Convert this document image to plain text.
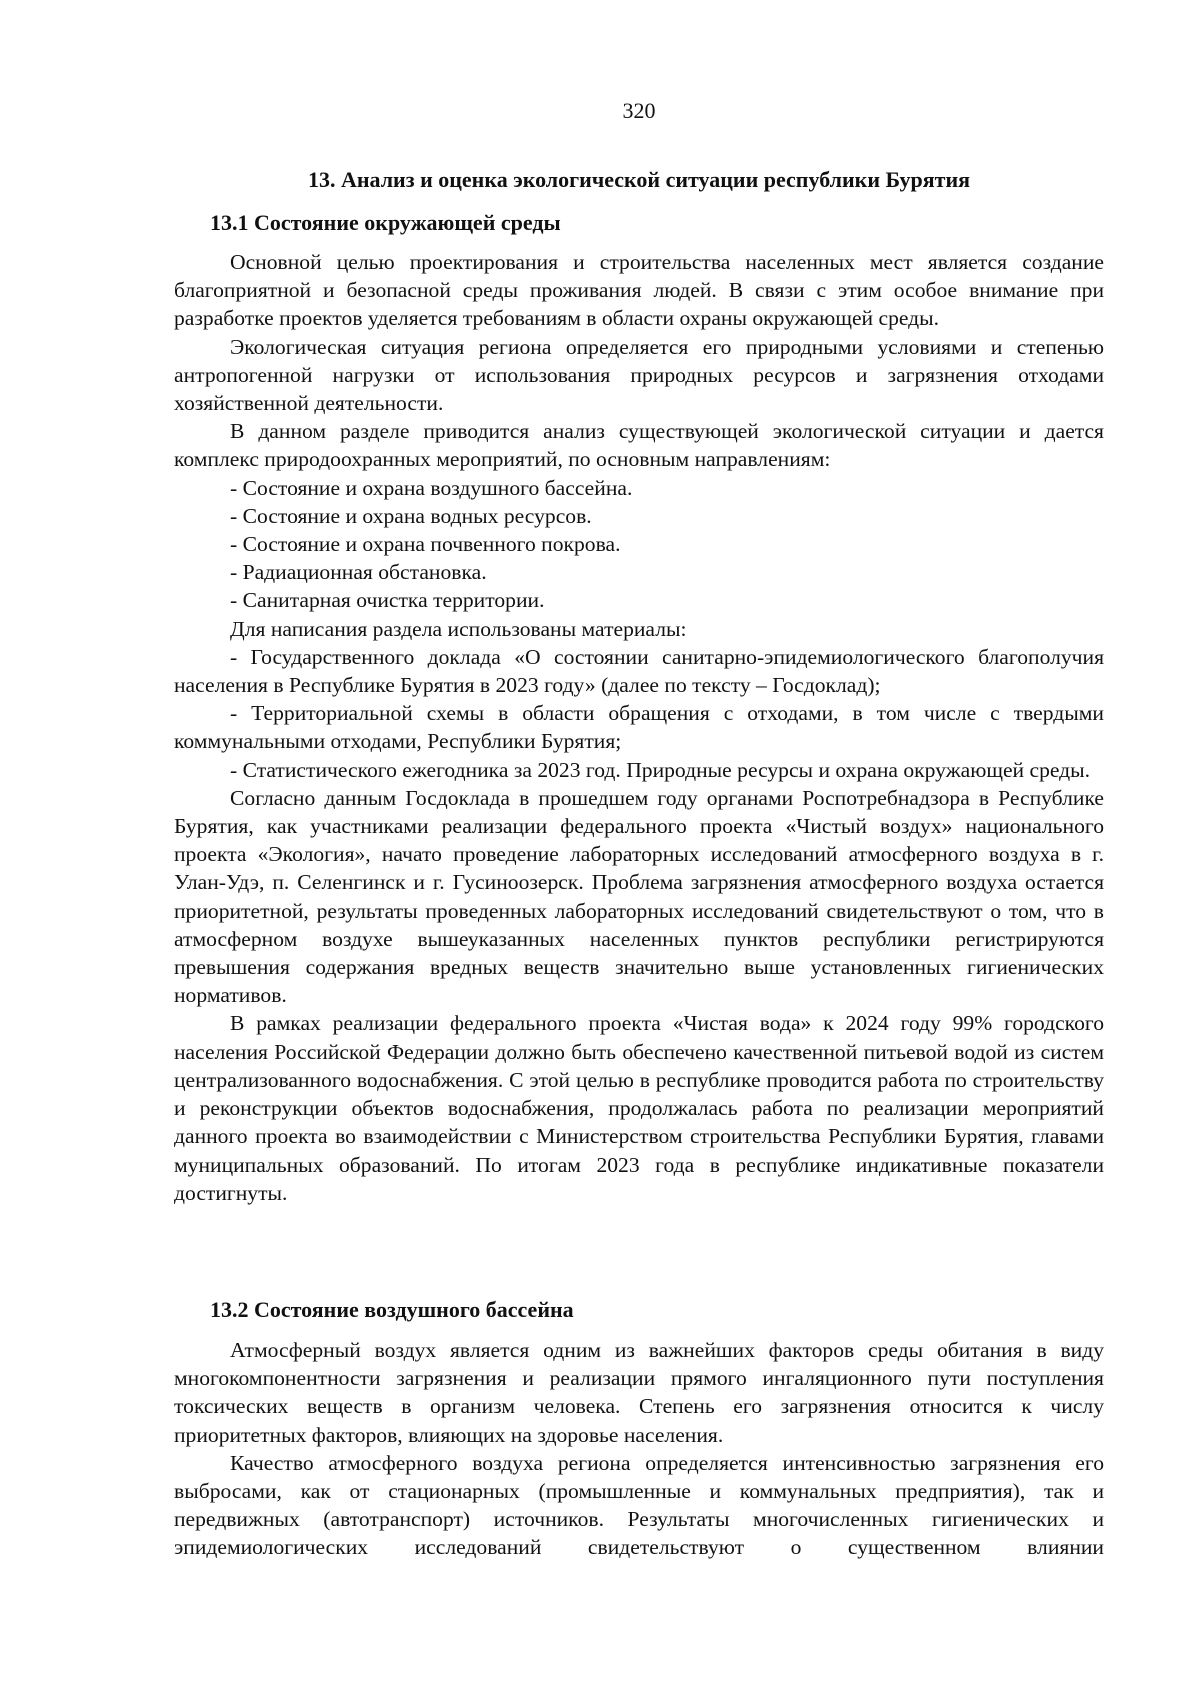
320
13. Анализ и оценка экологической ситуации республики Бурятия
13.1 Состояние окружающей среды

Основной целью проектирования и строительства населенных мест является создание благоприятной и безопасной среды проживания людей. В связи с этим особое внимание при разработке проектов уделяется требованиям в области охраны окружающей среды.

Экологическая ситуация региона определяется его природными условиями и степенью антропогенной нагрузки от использования природных ресурсов и загрязнения отходами хозяйственной деятельности.

В данном разделе приводится анализ существующей экологической ситуации и дается комплекс природоохранных мероприятий, по основным направлениям:

- Состояние и охрана воздушного бассейна.

- Состояние и охрана водных ресурсов.

- Состояние и охрана почвенного покрова.

- Радиационная обстановка.

- Санитарная очистка территории.

Для написания раздела использованы материалы:

- Государственного доклада «О состоянии санитарно-эпидемиологического благополучия населения в Республике Бурятия в 2023 году» (далее по тексту – Госдоклад);

- Территориальной схемы в области обращения с отходами, в том числе с твердыми коммунальными отходами, Республики Бурятия;

- Статистического ежегодника за 2023 год. Природные ресурсы и охрана окружающей среды.

Согласно данным Госдоклада в прошедшем году органами Роспотребнадзора в Республике Бурятия, как участниками реализации федерального проекта «Чистый воздух» национального проекта «Экология», начато проведение лабораторных исследований атмосферного воздуха в г. Улан-Удэ, п. Селенгинск и г. Гусиноозерск. Проблема загрязнения атмосферного воздуха остается приоритетной, результаты проведенных лабораторных исследований свидетельствуют о том, что в атмосферном воздухе вышеуказанных населенных пунктов республики регистрируются превышения содержания вредных веществ значительно выше установленных гигиенических нормативов.

В рамках реализации федерального проекта «Чистая вода» к 2024 году 99% городского населения Российской Федерации должно быть обеспечено качественной питьевой водой из систем централизованного водоснабжения. С этой целью в республике проводится работа по строительству и реконструкции объектов водоснабжения, продолжалась работа по реализации мероприятий данного проекта во взаимодействии с Министерством строительства Республики Бурятия, главами муниципальных образований. По итогам 2023 года в республике индикативные показатели достигнуты.

13.2 Состояние воздушного бассейна

Атмосферный воздух является одним из важнейших факторов среды обитания в виду многокомпонентности загрязнения и реализации прямого ингаляционного пути поступления токсических веществ в организм человека. Степень его загрязнения относится к числу приоритетных факторов, влияющих на здоровье населения.

Качество атмосферного воздуха региона определяется интенсивностью загрязнения его выбросами, как от стационарных (промышленные и коммунальных предприятия), так и передвижных (автотранспорт) источников. Результаты многочисленных гигиенических и эпидемиологических исследований свидетельствуют о существенном влиянии
